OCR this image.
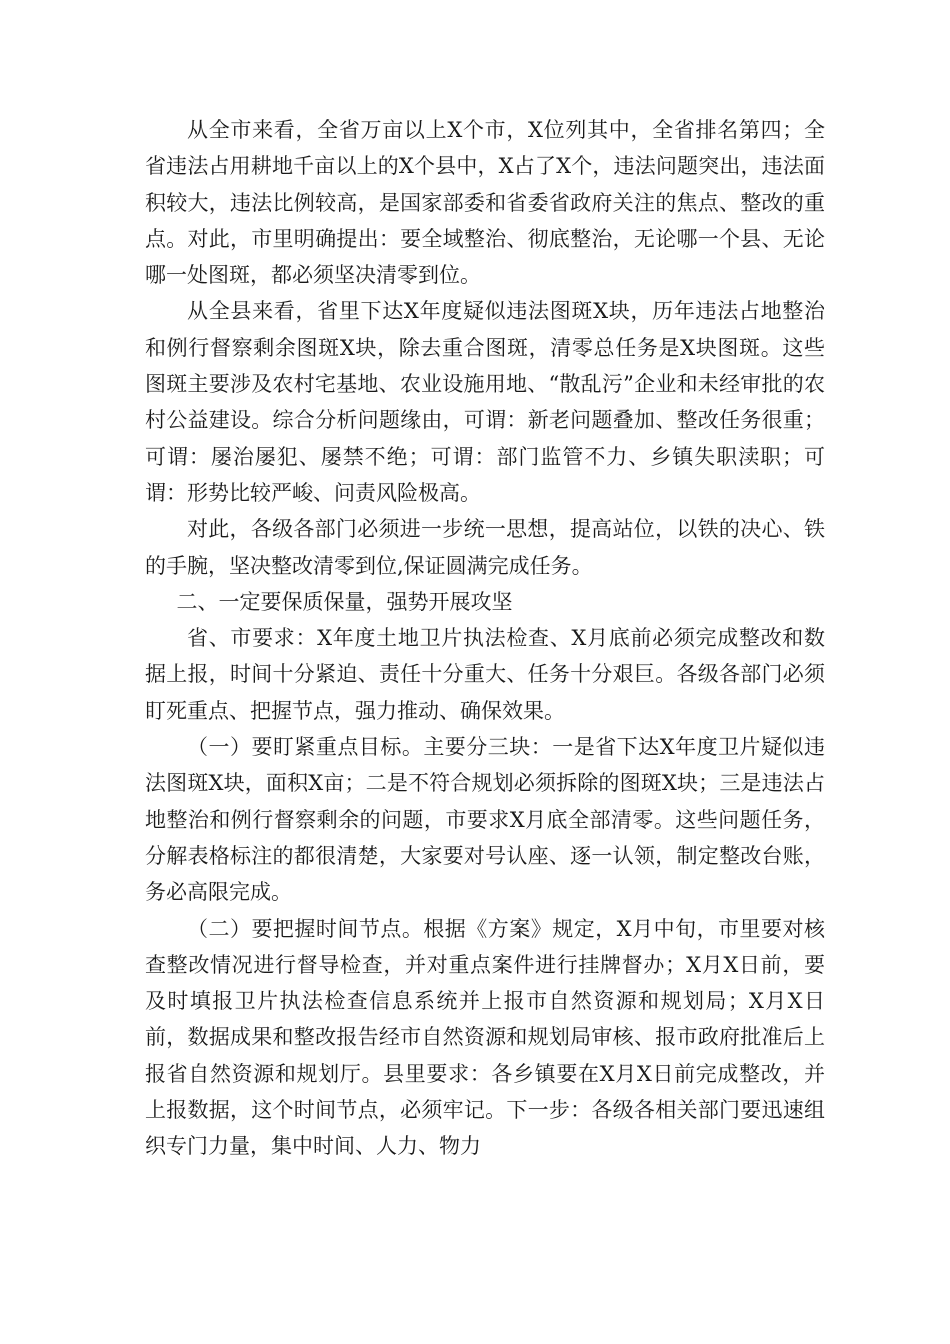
从全市来看，全省万亩以上X个市，X位列其中，全省排名第四；全省违法占用耕地千亩以上的X个县中，X占了X个，违法问题突出，违法面积较大，违法比例较高，是国家部委和省委省政府关注的焦点、整改的重点。对此，市里明确提出：要全域整治、彻底整治，无论哪一个县、无论哪一处图斑，都必须坚决清零到位。

从全县来看，省里下达X年度疑似违法图斑X块，历年违法占地整治和例行督察剩余图斑X块，除去重合图斑，清零总任务是X块图斑。这些图斑主要涉及农村宅基地、农业设施用地、“散乱污”企业和未经审批的农村公益建设。综合分析问题缘由，可谓：新老问题叠加、整改任务很重；可谓：屡治屡犯、屡禁不绝；可谓：部门监管不力、乡镇失职渎职；可谓：形势比较严峻、问责风险极高。

对此，各级各部门必须进一步统一思想，提高站位，以铁的决心、铁的手腕，坚决整改清零到位,保证圆满完成任务。

二、一定要保质保量，强势开展攻坚

省、市要求：X年度土地卫片执法检查、X月底前必须完成整改和数据上报，时间十分紧迫、责任十分重大、任务十分艰巨。各级各部门必须盯死重点、把握节点，强力推动、确保效果。

（一）要盯紧重点目标。主要分三块：一是省下达X年度卫片疑似违法图斑X块，面积X亩；二是不符合规划必须拆除的图斑X块；三是违法占地整治和例行督察剩余的问题，市要求X月底全部清零。这些问题任务，分解表格标注的都很清楚，大家要对号认座、逐一认领，制定整改台账，务必高限完成。

（二）要把握时间节点。根据《方案》规定，X月中旬，市里要对核查整改情况进行督导检查，并对重点案件进行挂牌督办；X月X日前，要及时填报卫片执法检查信息系统并上报市自然资源和规划局；X月X日前，数据成果和整改报告经市自然资源和规划局审核、报市政府批准后上报省自然资源和规划厅。县里要求：各乡镇要在X月X日前完成整改，并上报数据，这个时间节点，必须牢记。下一步：各级各相关部门要迅速组织专门力量，集中时间、人力、物力
